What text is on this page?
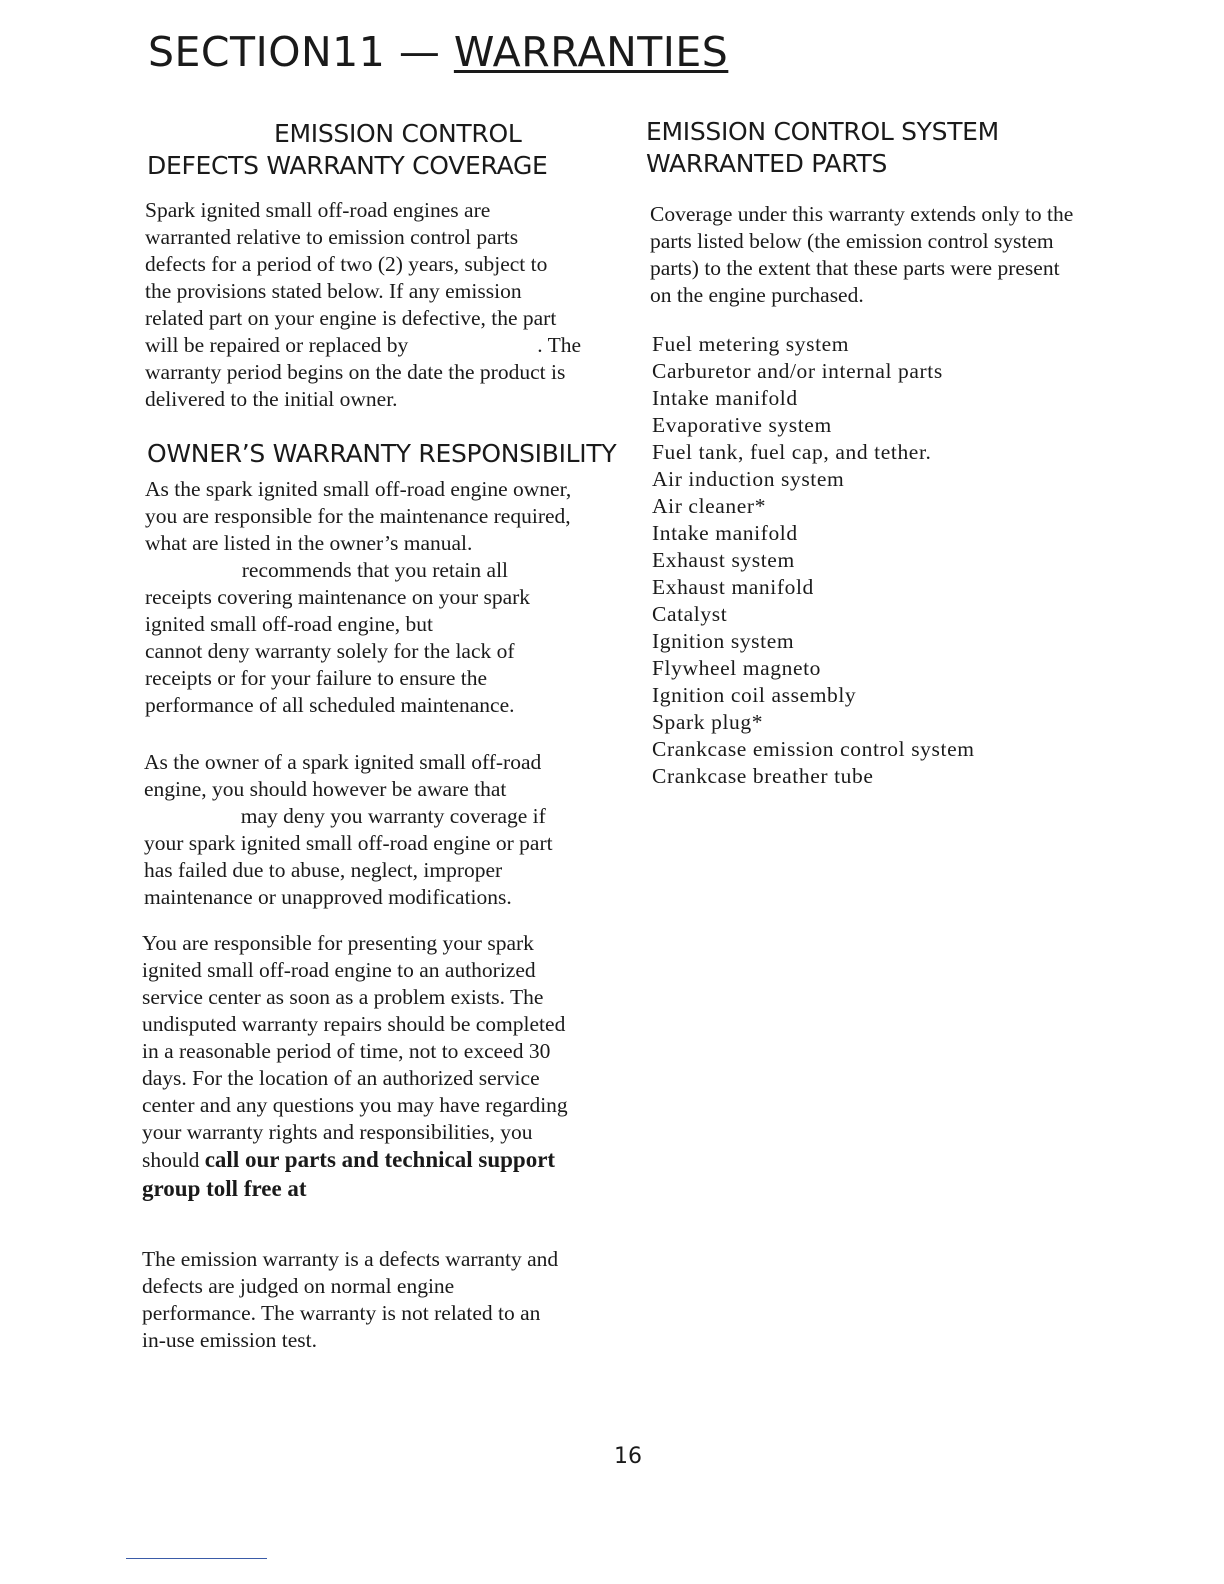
SECTION11 — WARRANTIES
EMISSION CONTROL
DEFECTS WARRANTY COVERAGE
Spark ignited small off-road engines are
warranted relative to emission control parts
defects for a period of two (2) years, subject to
the provisions stated below. If any emission
related part on your engine is defective, the part
will be repaired or replaced by                        . The
warranty period begins on the date the product is
delivered to the initial owner.
OWNER’S WARRANTY RESPONSIBILITY
As the spark ignited small off-road engine owner,
you are responsible for the maintenance required,
what are listed in the owner’s manual.
recommends that you retain all
receipts covering maintenance on your spark
ignited small off-road engine, but
cannot deny warranty solely for the lack of
receipts or for your failure to ensure the
performance of all scheduled maintenance.
As the owner of a spark ignited small off-road
engine, you should however be aware that
may deny you warranty coverage if
your spark ignited small off-road engine or part
has failed due to abuse, neglect, improper
maintenance or unapproved modifications.
You are responsible for presenting your spark
ignited small off-road engine to an authorized
service center as soon as a problem exists. The
undisputed warranty repairs should be completed
in a reasonable period of time, not to exceed 30
days. For the location of an authorized service
center and any questions you may have regarding
your warranty rights and responsibilities, you
should call our parts and technical support
group toll free at
The emission warranty is a defects warranty and
defects are judged on normal engine
performance. The warranty is not related to an
in-use emission test.
EMISSION CONTROL SYSTEM
WARRANTED PARTS
Coverage under this warranty extends only to the
parts listed below (the emission control system
parts) to the extent that these parts were present
on the engine purchased.
Fuel metering system
Carburetor and/or internal parts
Intake manifold
Evaporative system
Fuel tank, fuel cap, and tether.
Air induction system
Air cleaner*
Intake manifold
Exhaust system
Exhaust manifold
Catalyst
Ignition system
Flywheel magneto
Ignition coil assembly
Spark plug*
Crankcase emission control system
Crankcase breather tube
16
